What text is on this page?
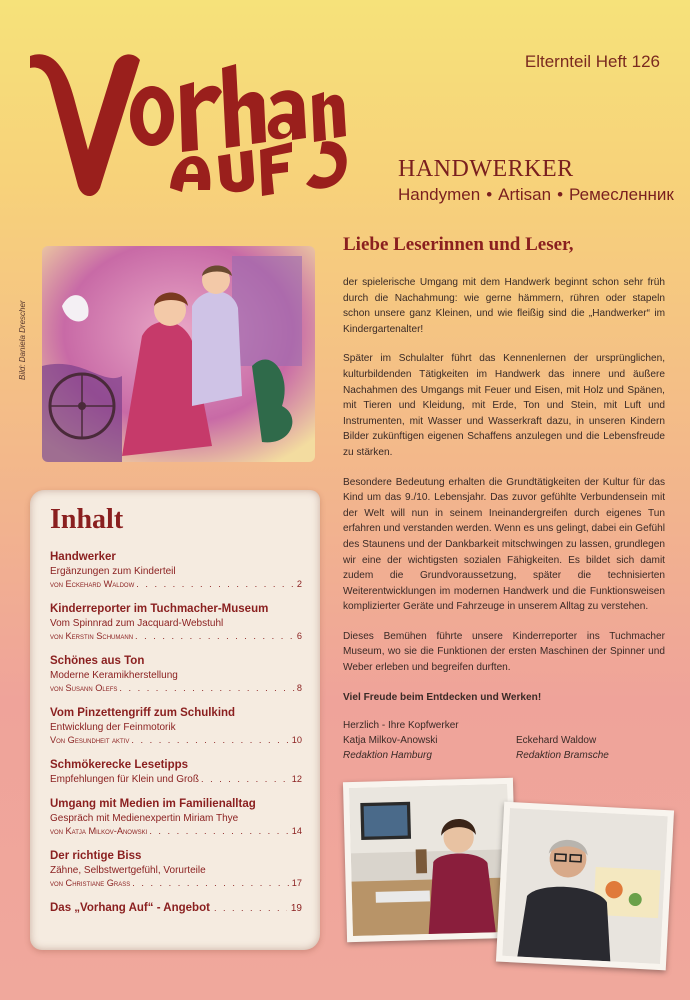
Elternteil Heft 126
HANDWERKER
Handymen • Artisan • Ремесленник
Bild: Daniela Drescher
Inhalt
Handwerker
Ergänzungen zum Kinderteil
von Eckehard Waldow . . .	2
Kinderreporter im Tuchmacher-Museum
Vom Spinnrad zum Jacquard-Webstuhl
von Kerstin Schumann . . .	6
Schönes aus Ton
Moderne Keramikherstellung
von Susann Olefs . . .	8
Vom Pinzettengriff zum Schulkind
Entwicklung der Feinmotorik
Von Gesundheit aktiv . . .	10
Schmökerecke Lesetipps
Empfehlungen für Klein und Groß . . .	12
Umgang mit Medien im Familienalltag
Gespräch mit Medienexpertin Miriam Thye
von Katja Milkov-Anowski . . .	14
Der richtige Biss
Zähne, Selbstwertgefühl, Vorurteile
von Christiane Grass . . .	17
Das „Vorhang Auf“ - Angebot . . .	19
Liebe Leserinnen und Leser,

der spielerische Umgang mit dem Handwerk beginnt schon sehr früh durch die Nachahmung: wie gerne hämmern, rühren oder stapeln schon unsere ganz Kleinen, und wie fleißig sind die „Handwerker“ im Kindergartenalter!

Später im Schulalter führt das Kennenlernen der ursprünglichen, kulturbildenden Tätigkeiten im Handwerk das innere und äußere Nachahmen des Umgangs mit Feuer und Eisen, mit Holz und Spänen, mit Tieren und Kleidung, mit Erde, Ton und Stein, mit Luft und Instrumenten, mit Wasser und Wasserkraft dazu, in unseren Kindern Bilder zukünftigen eigenen Schaffens anzulegen und die Lebensfreude zu stärken.

Besondere Bedeutung erhalten die Grundtätigkeiten der Kultur für das Kind um das 9./10. Lebensjahr. Das zuvor gefühlte Verbundensein mit der Welt will nun in seinem Ineinandergreifen durch eigenes Tun erfahren und verstanden werden. Wenn es uns gelingt, dabei ein Gefühl des Staunens und der Dankbarkeit mitschwingen zu lassen, grundlegen wir eine der wichtigsten sozialen Fähigkeiten. Es bildet sich damit zudem die Grundvoraussetzung, später die technisierten Weiterentwicklungen im modernen Handwerk und die Funktionsweisen komplizierter Geräte und Fahrzeuge in unserem Alltag zu verstehen.

Dieses Bemühen führte unsere Kinderreporter ins Tuchmacher Museum, wo sie die Funktionen der ersten Maschinen der Spinner und Weber erleben und begreifen durften.

Viel Freude beim Entdecken und Werken!

Herzlich - Ihre Kopfwerker
Katja Milkov-Anowski
Redaktion Hamburg
Eckehard Waldow
Redaktion Bramsche
